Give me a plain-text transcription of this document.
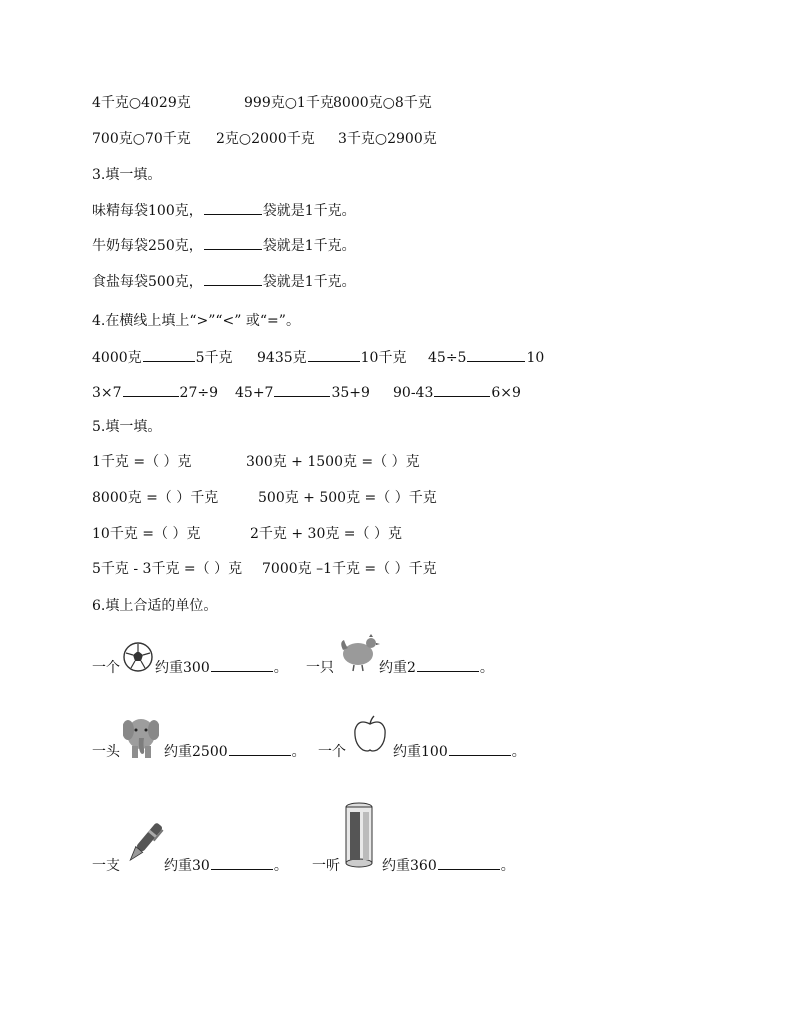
4千克○4029克	999克○1千克 8000克○8千克
700克○70千克 2克○2000千克 3千克○2900克
3.填一填。
味精每袋100克，	袋就是1千克。
牛奶每袋250克，	袋就是1千克。
食盐每袋500克，	袋就是1千克。
4.在横线上填上“>”“<” 或“=”。
4000克	5千克 9435克	10千克 45÷5	10
3×7	27÷9 45+7	35+9 90-43	6×9
5.填一填。
1千克 =（ ）克	300克 + 1500克 =（ ）克
8000克 =（ ）千克	500克 + 500克 =（ ）千克
10千克 =（ ）克	2千克 + 30克 =（ ）克
5千克 - 3千克 =（ ）克 7000克 –1千克 =（ ）千克
6.填上合适的单位。
一个	约重300	。 一只	约重2	。
一头	约重2500	。 一个	约重100	。
一支	约重30	。 一听	约重360	。
